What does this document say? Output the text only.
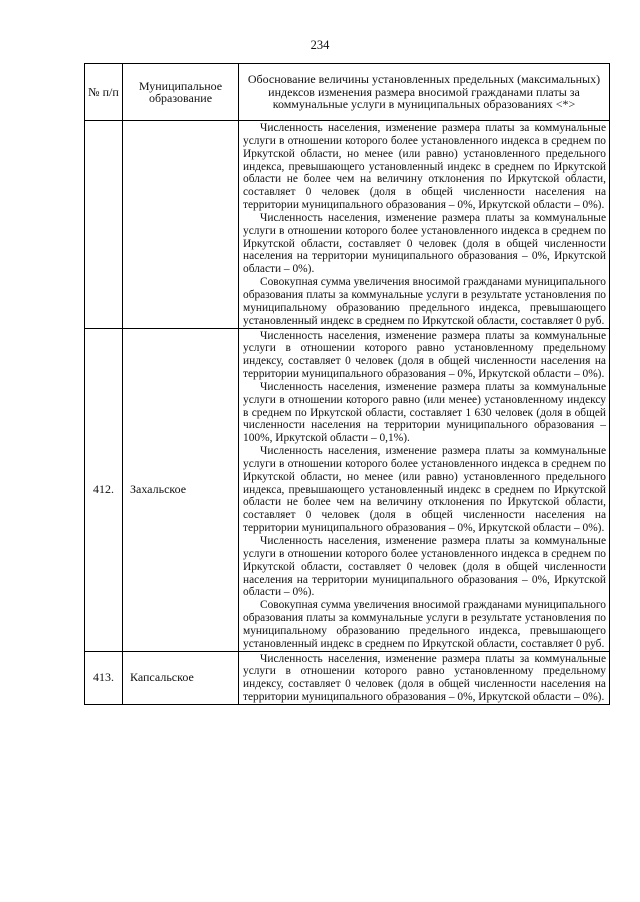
234
№ п/п	Муниципальное образование	Обоснование величины установленных предельных (максимальных) индексов изменения размера вносимой гражданами платы за коммунальные услуги в муниципальных образованиях <*>

		Численность населения, изменение размера платы за коммунальные услуги в отношении которого более установленного индекса в среднем по Иркутской области, но менее (или равно) установленного предельного индекса, превышающего установленный индекс в среднем по Иркутской области не более чем на величину отклонения по Иркутской области, составляет 0 человек (доля в общей численности населения на территории муниципального образования – 0%, Иркутской области – 0%).

Численность населения, изменение размера платы за коммунальные услуги в отношении которого более установленного индекса в среднем по Иркутской области, составляет 0 человек (доля в общей численности населения на территории муниципального образования – 0%, Иркутской области – 0%).

Совокупная сумма увеличения вносимой гражданами муниципального образования платы за коммунальные услуги в результате установления по муниципальному образованию предельного индекса, превышающего установленный индекс в среднем по Иркутской области, составляет 0 руб.

412.	Захальское	Численность населения, изменение размера платы за коммунальные услуги в отношении которого равно установленному предельному индексу, составляет 0 человек (доля в общей численности населения на территории муниципального образования – 0%, Иркутской области – 0%).

Численность населения, изменение размера платы за коммунальные услуги в отношении которого равно (или менее) установленному индексу в среднем по Иркутской области, составляет 1 630 человек (доля в общей численности населения на территории муниципального образования – 100%, Иркутской области – 0,1%).

Численность населения, изменение размера платы за коммунальные услуги в отношении которого более установленного индекса в среднем по Иркутской области, но менее (или равно) установленного предельного индекса, превышающего установленный индекс в среднем по Иркутской области не более чем на величину отклонения по Иркутской области, составляет 0 человек (доля в общей численности населения на территории муниципального образования – 0%, Иркутской области – 0%).

Численность населения, изменение размера платы за коммунальные услуги в отношении которого более установленного индекса в среднем по Иркутской области, составляет 0 человек (доля в общей численности населения на территории муниципального образования – 0%, Иркутской области – 0%).

Совокупная сумма увеличения вносимой гражданами муниципального образования платы за коммунальные услуги в результате установления по муниципальному образованию предельного индекса, превышающего установленный индекс в среднем по Иркутской области, составляет 0 руб.

413.	Капсальское	Численность населения, изменение размера платы за коммунальные услуги в отношении которого равно установленному предельному индексу, составляет 0 человек (доля в общей численности населения на территории муниципального образования – 0%, Иркутской области – 0%).
